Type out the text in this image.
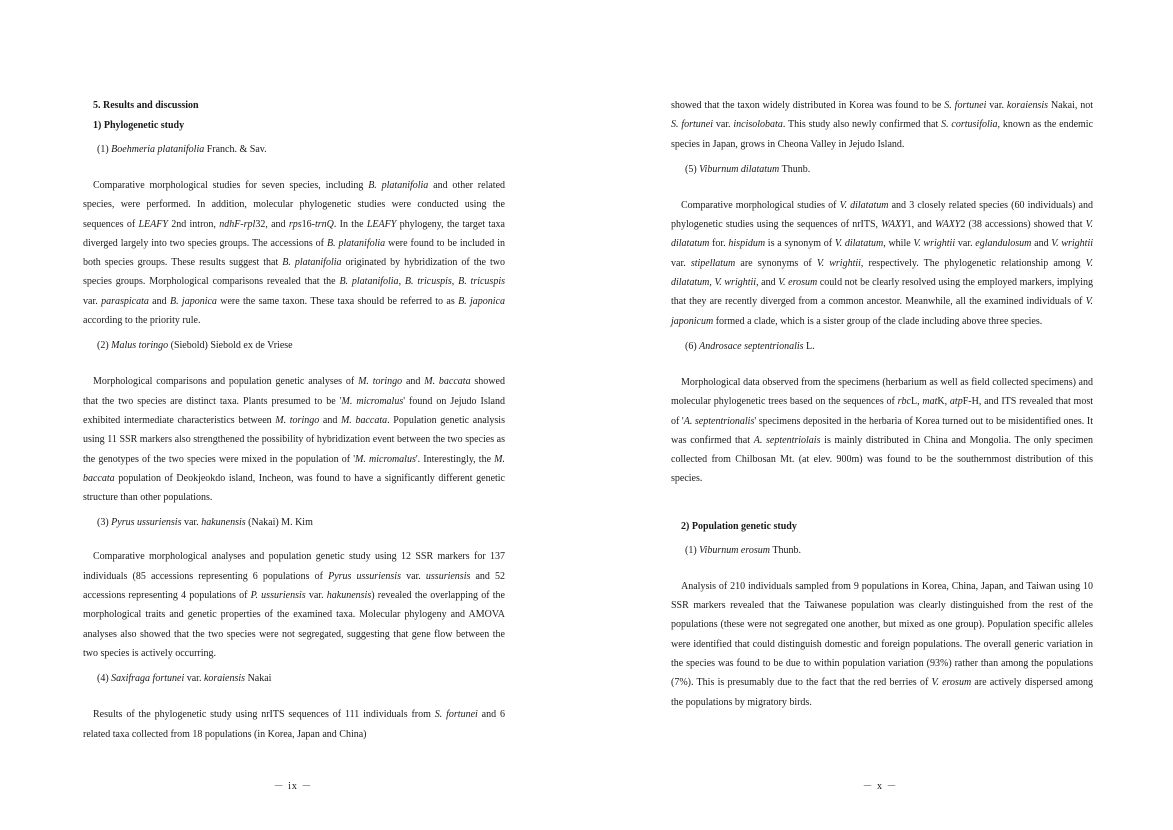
5. Results and discussion

1) Phylogenetic study

(1) Boehmeria platanifolia Franch. & Sav.

Comparative morphological studies for seven species, including B. platanifolia and other related species, were performed. In addition, molecular phylogenetic studies were conducted using the sequences of LEAFY 2nd intron, ndhF-rpl32, and rps16-trnQ. In the LEAFY phylogeny, the target taxa diverged largely into two species groups. The accessions of B. platanifolia were found to be included in both species groups. These results suggest that B. platanifolia originated by hybridization of the two species groups. Morphological comparisons revealed that the B. platanifolia, B. tricuspis, B. tricuspis var. paraspicata and B. japonica were the same taxon. These taxa should be referred to as B. japonica according to the priority rule.

(2) Malus toringo (Siebold) Siebold ex de Vriese

Morphological comparisons and population genetic analyses of M. toringo and M. baccata showed that the two species are distinct taxa. Plants presumed to be 'M. micromalus' found on Jejudo Island exhibited intermediate characteristics between M. toringo and M. baccata. Population genetic analysis using 11 SSR markers also strengthened the possibility of hybridization event between the two species as the genotypes of the two species were mixed in the population of 'M. micromalus'. Interestingly, the M. baccata population of Deokjeokdo island, Incheon, was found to have a significantly different genetic structure than other populations.

(3) Pyrus ussuriensis var. hakunensis (Nakai) M. Kim

Comparative morphological analyses and population genetic study using 12 SSR markers for 137 individuals (85 accessions representing 6 populations of Pyrus ussuriensis var. ussuriensis and 52 accessions representing 4 populations of P. ussuriensis var. hakunensis) revealed the overlapping of the morphological traits and genetic properties of the examined taxa. Molecular phylogeny and AMOVA analyses also showed that the two species were not segregated, suggesting that gene flow between the two species is actively occurring.

(4) Saxifraga fortunei var. koraiensis Nakai

Results of the phylogenetic study using nrITS sequences of 111 individuals from S. fortunei and 6 related taxa collected from 18 populations (in Korea, Japan and China)

－ ix －

showed that the taxon widely distributed in Korea was found to be S. fortunei var. koraiensis Nakai, not S. fortunei var. incisolobata. This study also newly confirmed that S. cortusifolia, known as the endemic species in Japan, grows in Cheona Valley in Jejudo Island.

(5) Viburnum dilatatum Thunb.

Comparative morphological studies of V. dilatatum and 3 closely related species (60 individuals) and phylogenetic studies using the sequences of nrITS, WAXY1, and WAXY2 (38 accessions) showed that V. dilatatum for. hispidum is a synonym of V. dilatatum, while V. wrightii var. eglandulosum and V. wrightii var. stipellatum are synonyms of V. wrightii, respectively. The phylogenetic relationship among V. dilatatum, V. wrightii, and V. erosum could not be clearly resolved using the employed markers, implying that they are recently diverged from a common ancestor. Meanwhile, all the examined individuals of V. japonicum formed a clade, which is a sister group of the clade including above three species.

(6) Androsace septentrionalis L.

Morphological data observed from the specimens (herbarium as well as field collected specimens) and molecular phylogenetic trees based on the sequences of rbcL, matK, atpF-H, and ITS revealed that most of 'A. septentrionalis' specimens deposited in the herbaria of Korea turned out to be misidentified ones. It was confirmed that A. septentriolais is mainly distributed in China and Mongolia. The only specimen collected from Chilbosan Mt. (at elev. 900m) was found to be the southernmost distribution of this species.

2) Population genetic study

(1) Viburnum erosum Thunb.

Analysis of 210 individuals sampled from 9 populations in Korea, China, Japan, and Taiwan using 10 SSR markers revealed that the Taiwanese population was clearly distinguished from the rest of the populations (these were not segregated one another, but mixed as one group). Population specific alleles were identified that could distinguish domestic and foreign populations. The overall generic variation in the species was found to be due to within population variation (93%) rather than among the populations (7%). This is presumably due to the fact that the red berries of V. erosum are actively dispersed among the populations by migratory birds.

－ x －
